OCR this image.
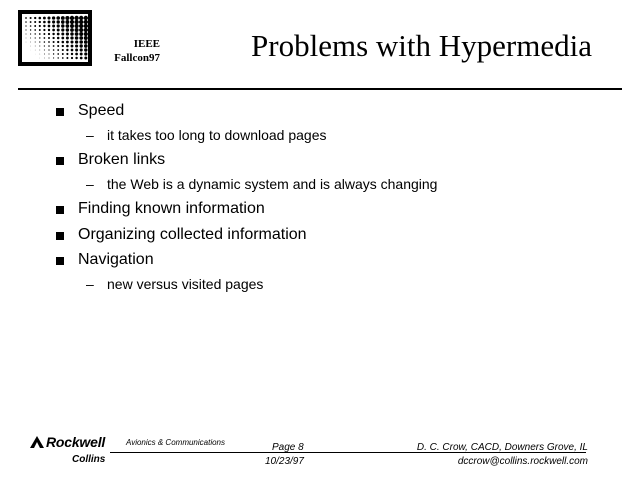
IEEE
Fallcon97	Problems with Hypermedia
Speed
– it takes too long to download pages
Broken links
– the Web is a dynamic system and is always changing
Finding known information
Organizing collected information
Navigation
– new versus visited pages
Rockwell	Avionics & Communications
Collins
Page 8
10/23/97
D. C. Crow, CACD, Downers Grove, IL
dccrow@collins.rockwell.com
